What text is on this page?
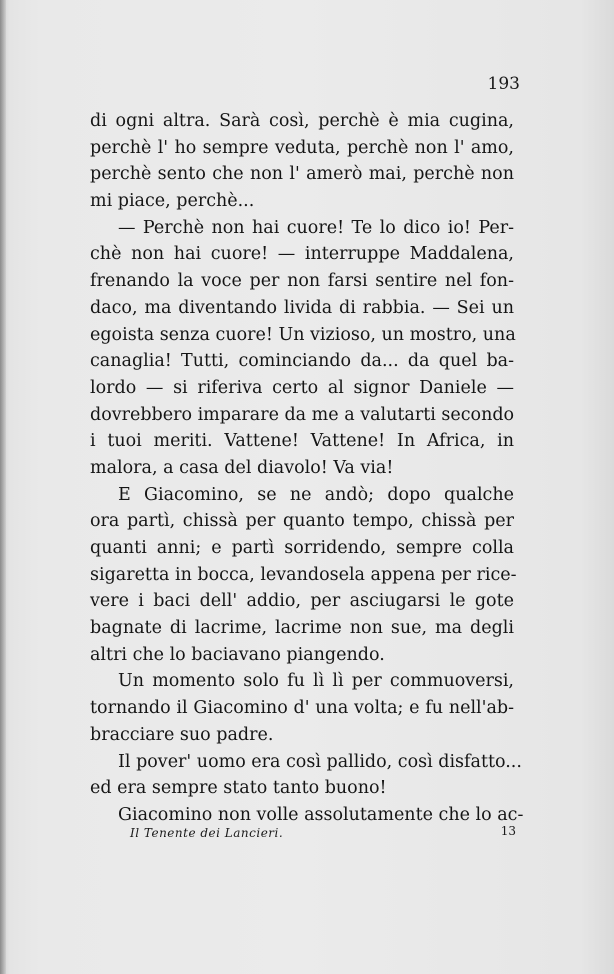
193
di ogni altra. Sarà così, perchè è mia cugina,
perchè l' ho sempre veduta, perchè non l' amo,
perchè sento che non l' amerò mai, perchè non
mi piace, perchè...
— Perchè non hai cuore! Te lo dico io! Per-
chè non hai cuore! — interruppe Maddalena,
frenando la voce per non farsi sentire nel fon-
daco, ma diventando livida di rabbia. — Sei un
egoista senza cuore! Un vizioso, un mostro, una
canaglia! Tutti, cominciando da... da quel ba-
lordo — si riferiva certo al signor Daniele —
dovrebbero imparare da me a valutarti secondo
i tuoi meriti. Vattene! Vattene! In Africa, in
malora, a casa del diavolo! Va via!
E Giacomino, se ne andò; dopo qualche
ora partì, chissà per quanto tempo, chissà per
quanti anni; e partì sorridendo, sempre colla
sigaretta in bocca, levandosela appena per rice-
vere i baci dell' addio, per asciugarsi le gote
bagnate di lacrime, lacrime non sue, ma degli
altri che lo baciavano piangendo.
Un momento solo fu lì lì per commuoversi,
tornando il Giacomino d' una volta; e fu nell'ab-
bracciare suo padre.
Il pover' uomo era così pallido, così disfatto...
ed era sempre stato tanto buono!
Giacomino non volle assolutamente che lo ac-
Il Tenente dei Lancieri.	13
